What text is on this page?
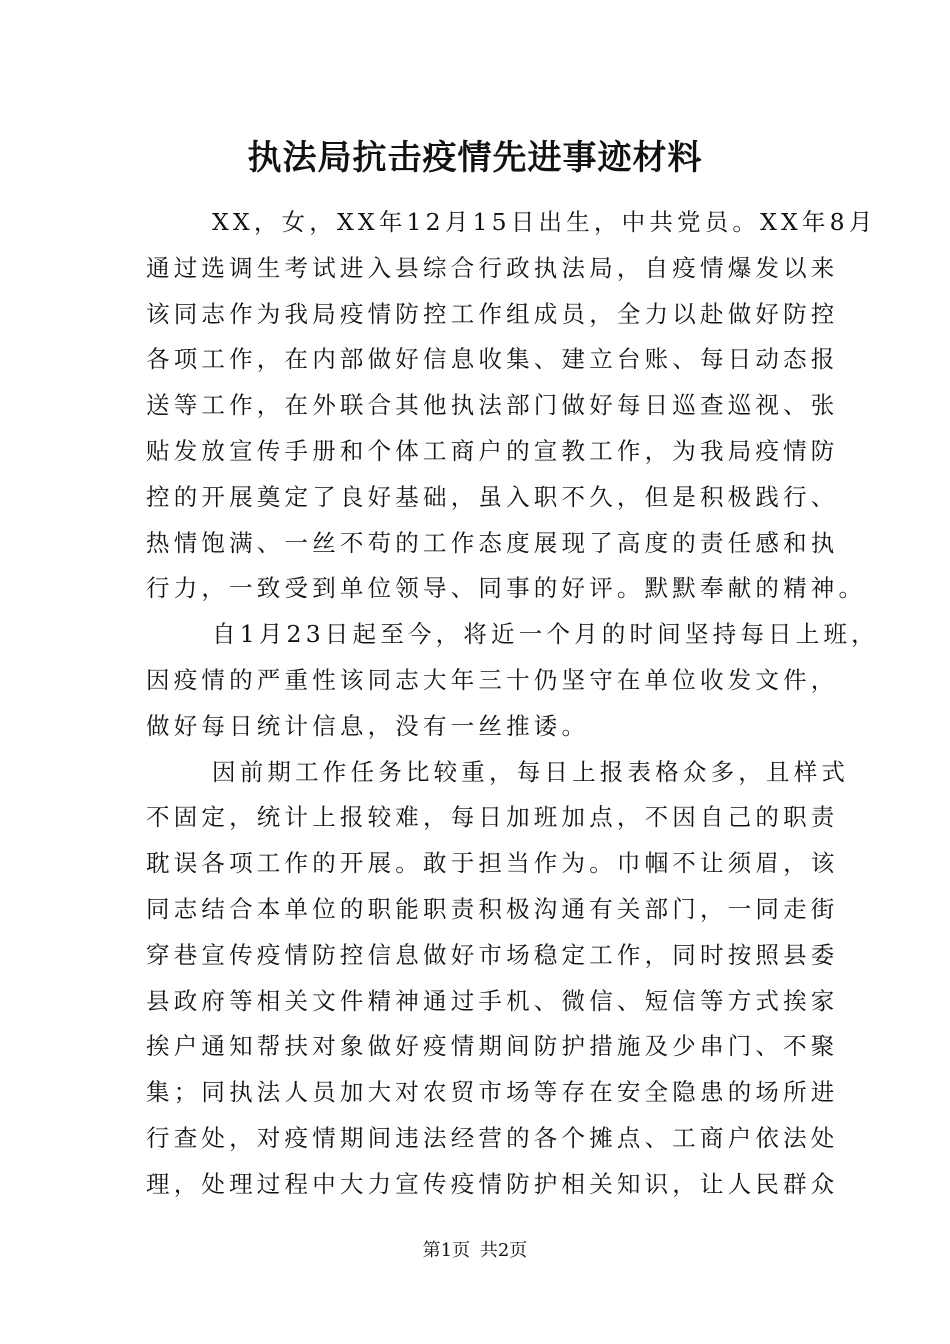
执法局抗击疫情先进事迹材料
XX，女，XX年12月15日出生，中共党员。XX年8月
通过选调生考试进入县综合行政执法局，自疫情爆发以来
该同志作为我局疫情防控工作组成员，全力以赴做好防控
各项工作，在内部做好信息收集、建立台账、每日动态报
送等工作，在外联合其他执法部门做好每日巡查巡视、张
贴发放宣传手册和个体工商户的宣教工作，为我局疫情防
控的开展奠定了良好基础，虽入职不久，但是积极践行、
热情饱满、一丝不苟的工作态度展现了高度的责任感和执
行力，一致受到单位领导、同事的好评。默默奉献的精神。
自1月23日起至今，将近一个月的时间坚持每日上班，
因疫情的严重性该同志大年三十仍坚守在单位收发文件，
做好每日统计信息，没有一丝推诿。
因前期工作任务比较重，每日上报表格众多，且样式
不固定，统计上报较难，每日加班加点，不因自己的职责
耽误各项工作的开展。敢于担当作为。巾帼不让须眉，该
同志结合本单位的职能职责积极沟通有关部门，一同走街
穿巷宣传疫情防控信息做好市场稳定工作，同时按照县委
县政府等相关文件精神通过手机、微信、短信等方式挨家
挨户通知帮扶对象做好疫情期间防护措施及少串门、不聚
集；同执法人员加大对农贸市场等存在安全隐患的场所进
行查处，对疫情期间违法经营的各个摊点、工商户依法处
理，处理过程中大力宣传疫情防护相关知识，让人民群众
第1页 共2页
